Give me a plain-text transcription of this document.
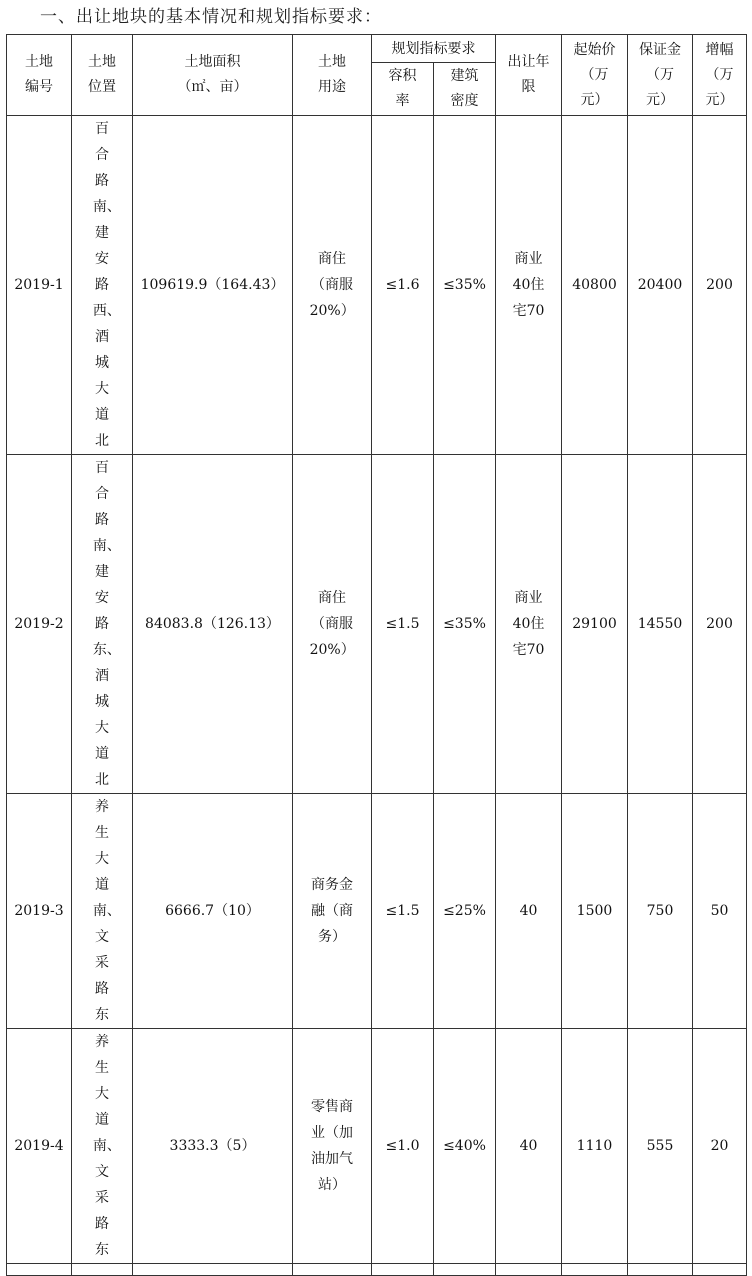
一、出让地块的基本情况和规划指标要求：
土地编号	土地位置	土地面积（㎡、亩）	土地用途	规划指标要求		出让年限	起始价（万元）	保证金（万元）	增幅（万元）
				容积率	建筑密度				
2019-1	百合路南、建安路西、酒城大道北	109619.9（164.43）	商住（商服20%）	≤1.6	≤35%	商业40住宅70	40800	20400	200
2019-2	百合路南、建安路东、酒城大道北	84083.8（126.13）	商住（商服20%）	≤1.5	≤35%	商业40住宅70	29100	14550	200
2019-3	养生大道南、文采路东	6666.7（10）	商务金融（商务）	≤1.5	≤25%	40	1500	750	50
2019-4	养生大道南、文采路东	3333.3（5）	零售商业（加油加气站）	≤1.0	≤40%	40	1110	555	20
